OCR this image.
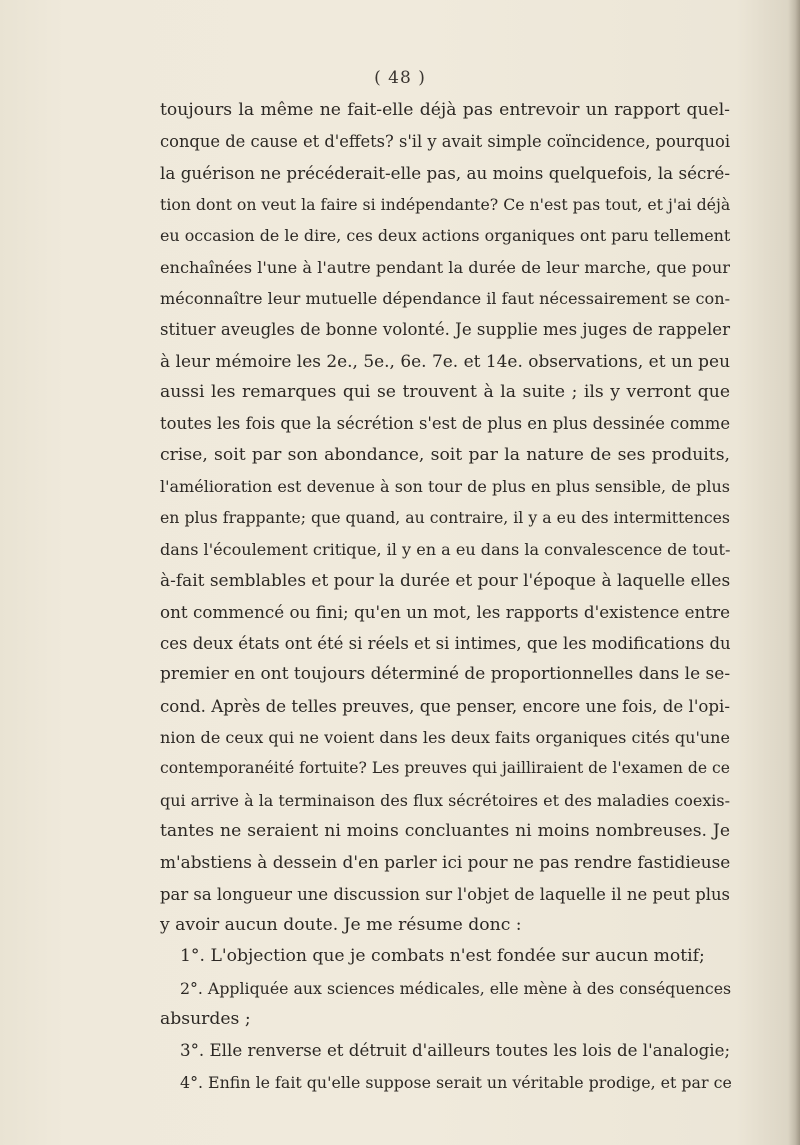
( 48 )
toujours la même ne fait-elle déjà pas entrevoir un rapport quel-
conque de cause et d'effets? s'il y avait simple coïncidence, pourquoi
la guérison ne précéderait-elle pas, au moins quelquefois, la sécré-
tion dont on veut la faire si indépendante? Ce n'est pas tout, et j'ai déjà
eu occasion de le dire, ces deux actions organiques ont paru tellement
enchaînées l'une à l'autre pendant la durée de leur marche, que pour
méconnaître leur mutuelle dépendance il faut nécessairement se con-
stituer aveugles de bonne volonté. Je supplie mes juges de rappeler
à leur mémoire les 2e., 5e., 6e. 7e. et 14e. observations, et un peu
aussi les remarques qui se trouvent à la suite ; ils y verront que
toutes les fois que la sécrétion s'est de plus en plus dessinée comme
crise, soit par son abondance, soit par la nature de ses produits,
l'amélioration est devenue à son tour de plus en plus sensible, de plus
en plus frappante; que quand, au contraire, il y a eu des intermittences
dans l'écoulement critique, il y en a eu dans la convalescence de tout-
à-fait semblables et pour la durée et pour l'époque à laquelle elles
ont commencé ou fini; qu'en un mot, les rapports d'existence entre
ces deux états ont été si réels et si intimes, que les modifications du
premier en ont toujours déterminé de proportionnelles dans le se-
cond. Après de telles preuves, que penser, encore une fois, de l'opi-
nion de ceux qui ne voient dans les deux faits organiques cités qu'une
contemporanéité fortuite? Les preuves qui jailliraient de l'examen de ce
qui arrive à la terminaison des flux sécrétoires et des maladies coexis-
tantes ne seraient ni moins concluantes ni moins nombreuses. Je
m'abstiens à dessein d'en parler ici pour ne pas rendre fastidieuse
par sa longueur une discussion sur l'objet de laquelle il ne peut plus
y avoir aucun doute. Je me résume donc :
1°. L'objection que je combats n'est fondée sur aucun motif;
2°. Appliquée aux sciences médicales, elle mène à des conséquences
absurdes ;
3°. Elle renverse et détruit d'ailleurs toutes les lois de l'analogie;
4°. Enfin le fait qu'elle suppose serait un véritable prodige, et par ce
